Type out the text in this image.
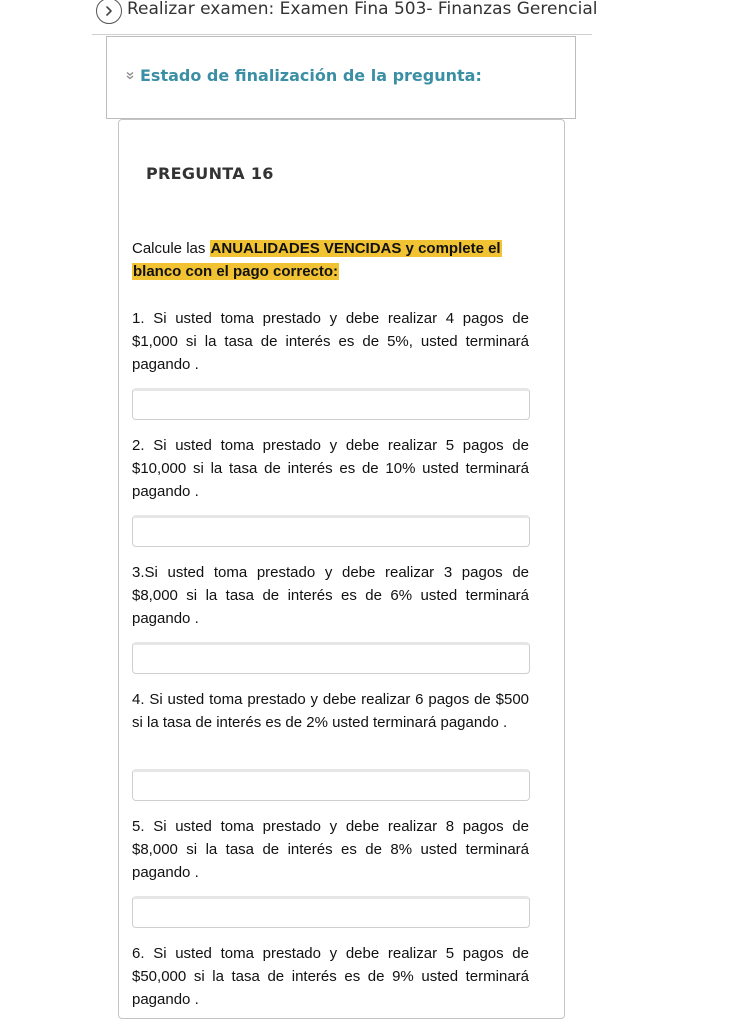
Realizar examen: Examen Fina 503- Finanzas Gerencial
Estado de finalización de la pregunta:
PREGUNTA 16
Calcule las ANUALIDADES VENCIDAS y complete el
blanco con el pago correcto:
1. Si usted toma prestado y debe realizar 4 pagos de $1,000 si la tasa de interés es de 5%, usted terminará pagando .
2. Si usted toma prestado y debe realizar 5 pagos de $10,000 si la tasa de interés es de 10% usted terminará pagando .
3.Si usted toma prestado y debe realizar 3 pagos de $8,000 si la tasa de interés es de 6% usted terminará pagando .
4. Si usted toma prestado y debe realizar 6 pagos de $500 si la tasa de interés es de 2% usted terminará pagando .
5. Si usted toma prestado y debe realizar 8 pagos de $8,000 si la tasa de interés es de 8% usted terminará pagando .
6. Si usted toma prestado y debe realizar 5 pagos de $50,000 si la tasa de interés es de 9% usted terminará pagando .
